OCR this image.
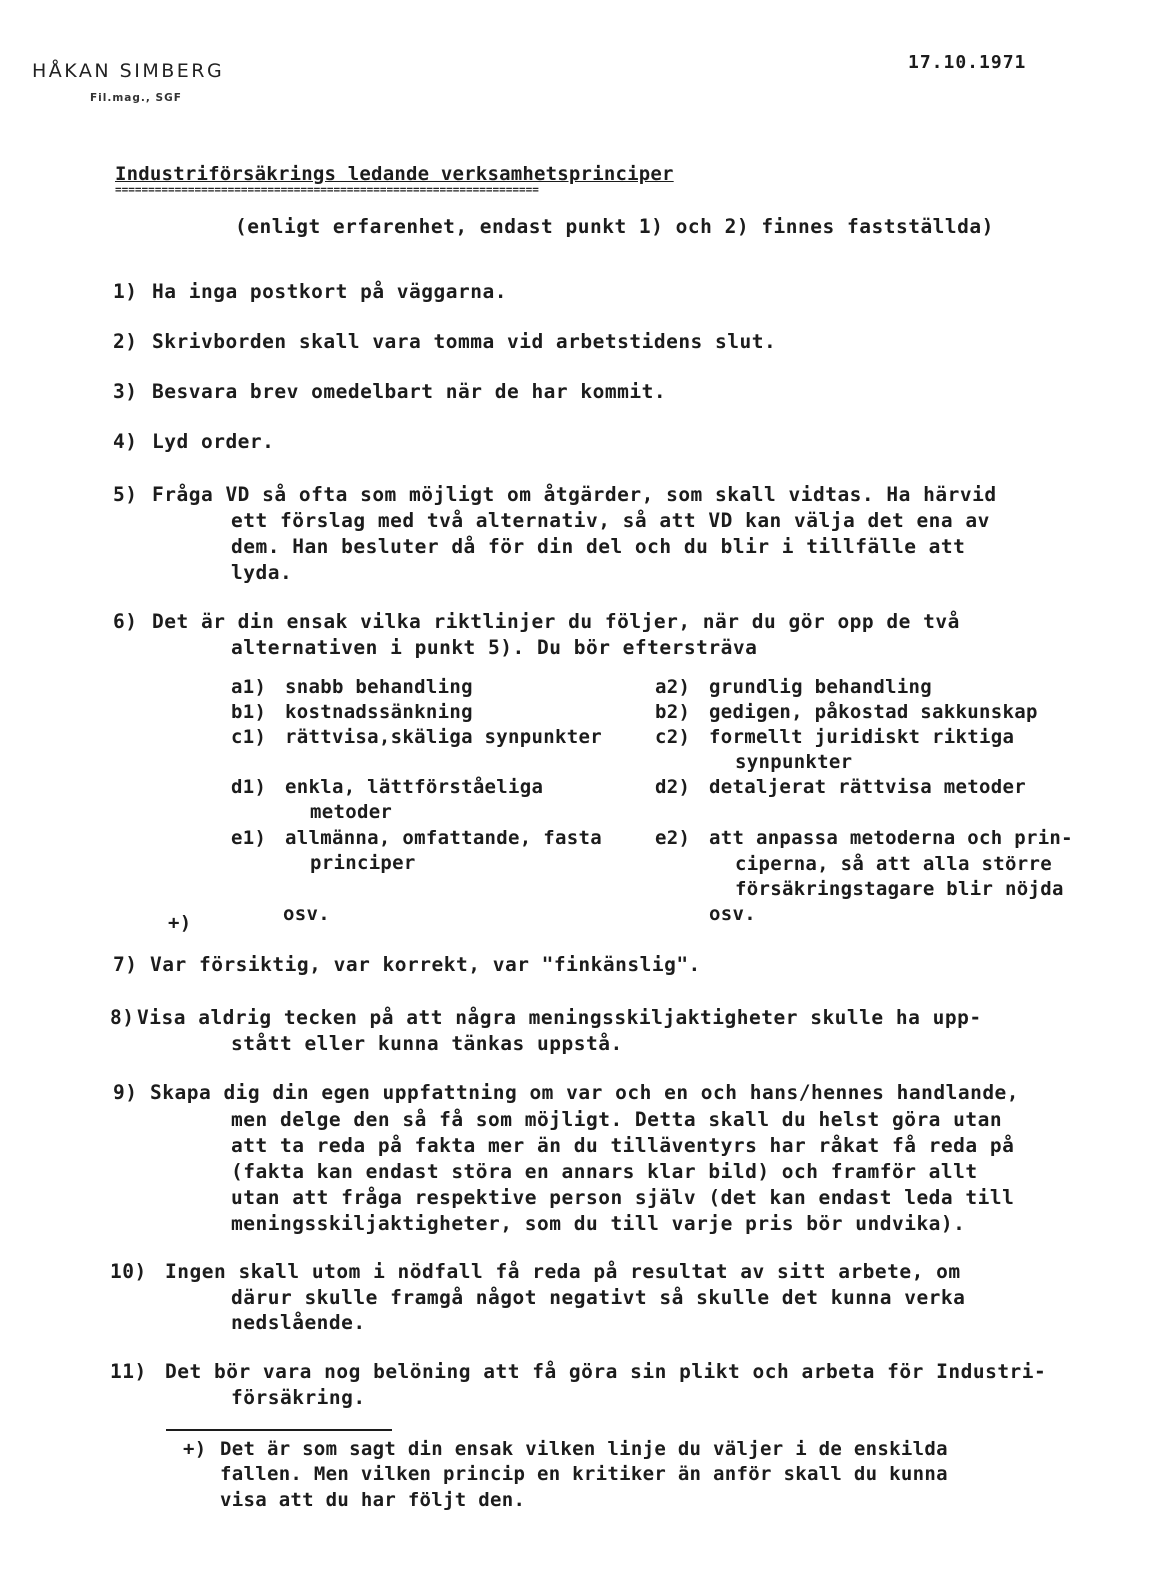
HÅKAN SIMBERG
Fil.mag., SGF
17.10.1971
Industriförsäkrings ledande verksamhetsprinciper
================================================================
(enligt erfarenhet, endast punkt 1) och 2) finnes fastställda)
1) Ha inga postkort på väggarna.
2) Skrivborden skall vara tomma vid arbetstidens slut.
3) Besvara brev omedelbart när de har kommit.
4) Lyd order.
5) Fråga VD så ofta som möjligt om åtgärder, som skall vidtas. Ha härvid
ett förslag med två alternativ, så att VD kan välja det ena av
dem. Han besluter då för din del och du blir i tillfälle att
lyda.
6) Det är din ensak vilka riktlinjer du följer, när du gör opp de två
alternativen i punkt 5). Du bör eftersträva
a1) snabb behandling
b1) kostnadssänkning
c1) rättvisa,skäliga synpunkter
d1) enkla, lättförståeliga
metoder
e1) allmänna, omfattande, fasta
principer
osv.
+)
a2) grundlig behandling
b2) gedigen, påkostad sakkunskap
c2) formellt juridiskt riktiga
synpunkter
d2) detaljerat rättvisa metoder
e2) att anpassa metoderna och prin-
ciperna, så att alla större
försäkringstagare blir nöjda
osv.
7) Var försiktig, var korrekt, var "finkänslig".
8) Visa aldrig tecken på att några meningsskiljaktigheter skulle ha upp-
stått eller kunna tänkas uppstå.
9) Skapa dig din egen uppfattning om var och en och hans/hennes handlande,
men delge den så få som möjligt. Detta skall du helst göra utan
att ta reda på fakta mer än du tilläventyrs har råkat få reda på
(fakta kan endast störa en annars klar bild) och framför allt
utan att fråga respektive person själv (det kan endast leda till
meningsskiljaktigheter, som du till varje pris bör undvika).
10) Ingen skall utom i nödfall få reda på resultat av sitt arbete, om
därur skulle framgå något negativt så skulle det kunna verka
nedslående.
11) Det bör vara nog belöning att få göra sin plikt och arbeta för Industri-
försäkring.
+) Det är som sagt din ensak vilken linje du väljer i de enskilda
fallen. Men vilken princip en kritiker än anför skall du kunna
visa att du har följt den.
